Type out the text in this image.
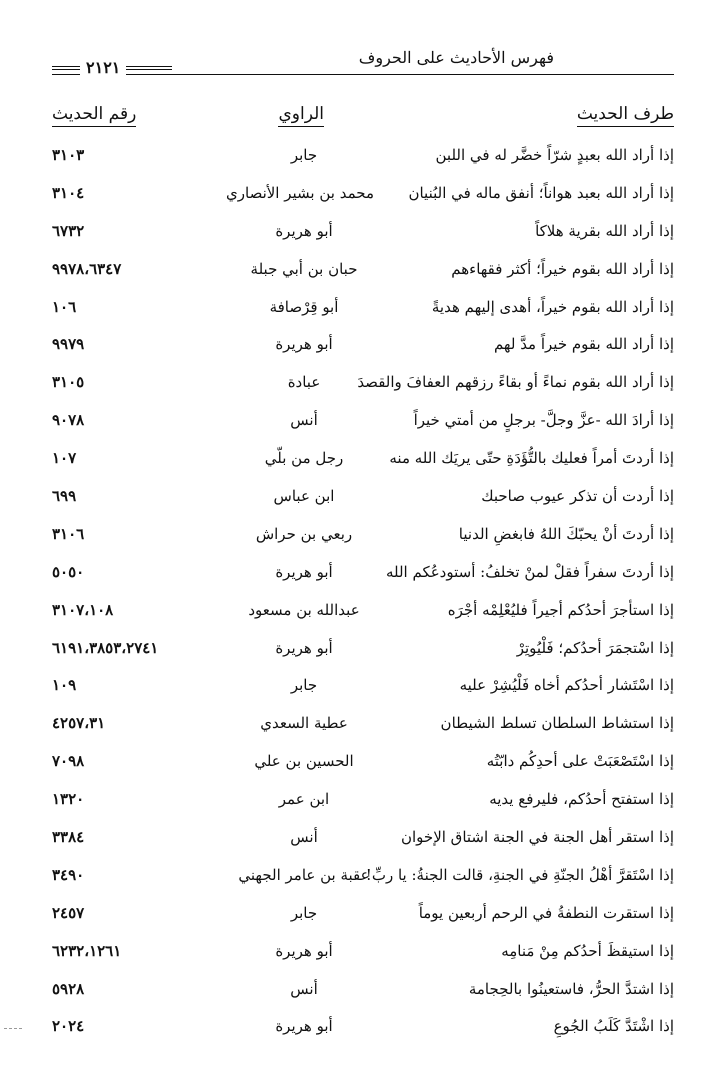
فهرس الأحاديث على الحروف
٢١٢١
طرف الحديث
الراوي
رقم الحديث
إذا أراد الله بعبدٍ شرّاً خضَّر له في اللبن
جابر
٣١٠٣
إذا أراد الله بعبد هواناً؛ أنفق ماله في البُنيان
محمد بن بشير الأنصاري
٣١٠٤
إذا أراد الله بقرية هلاكاً
أبو هريرة
٦٧٣٢
إذا أراد الله بقوم خيراً؛ أكثر فقهاءهم
حبان بن أبي جبلة
٩٩٧٨،٦٣٤٧
إذا أراد الله بقوم خيراً، أهدى إليهم هديةً
أبو قِرْصافة
١٠٦
إذا أراد الله بقوم خيراً مدَّ لهم
أبو هريرة
٩٩٧٩
إذا أراد الله بقوم نماءً أو بقاءً رزقهم العفافَ والقصدَ
عبادة
٣١٠٥
إذا أرادَ الله -عزَّ وجلَّ- برجلٍ من أمتي خيراً
أنس
٩٠٧٨
إذا أردتَ أمراً فعليك بالتُّؤَدَةِ حتّى يريَك الله منه
رجل من بلّي
١٠٧
إذا أردت أن تذكر عيوب صاحبك
ابن عباس
٦٩٩
إذا أردتَ أنْ يحبّكَ اللهُ فابغضِ الدنيا
ربعي بن حراش
٣١٠٦
إذا أردتَ سفراً فقلْ لمنْ تخلفُ: أستودعُكم الله
أبو هريرة
٥٠٥٠
إذا استأجرَ أحدُكم أجيراً فليُعْلِمْه أجْرَه
عبدالله بن مسعود
٣١٠٧،١٠٨
إذا اسْتجمَرَ أحدُكم؛ فَلْيُوتِرْ
أبو هريرة
٦١٩١،٣٨٥٣،٢٧٤١
إذا اسْتَشار أحدُكم أخاه فَلْيُشِرْ عليه
جابر
١٠٩
إذا استشاط السلطان تسلط الشيطان
عطية السعدي
٤٢٥٧،٣١
إذا اسْتَصْعَبَتْ على أحدِكُم دابّتُه
الحسين بن علي
٧٠٩٨
إذا استفتح أحدُكم، فليرفع يديه
ابن عمر
١٣٢٠
إذا استقر أهل الجنة في الجنة اشتاق الإخوان
أنس
٣٣٨٤
إذا اسْتَقرَّ أهْلُ الجنّةِ في الجنةِ، قالت الجنةُ: يا ربِّ!
عقبة بن عامر الجهني
٣٤٩٠
إذا استقرت النطفةُ في الرحم أربعين يوماً
جابر
٢٤٥٧
إذا استيقظَ أحدُكم مِنْ مَنامِه
أبو هريرة
٦٢٣٢،١٢٦١
إذا اشتدَّ الحرُّ، فاستعينُوا بالحِجامة
أنس
٥٩٢٨
إذا اشْتَدَّ كَلَبُ الجُوعِ
أبو هريرة
٢٠٢٤
